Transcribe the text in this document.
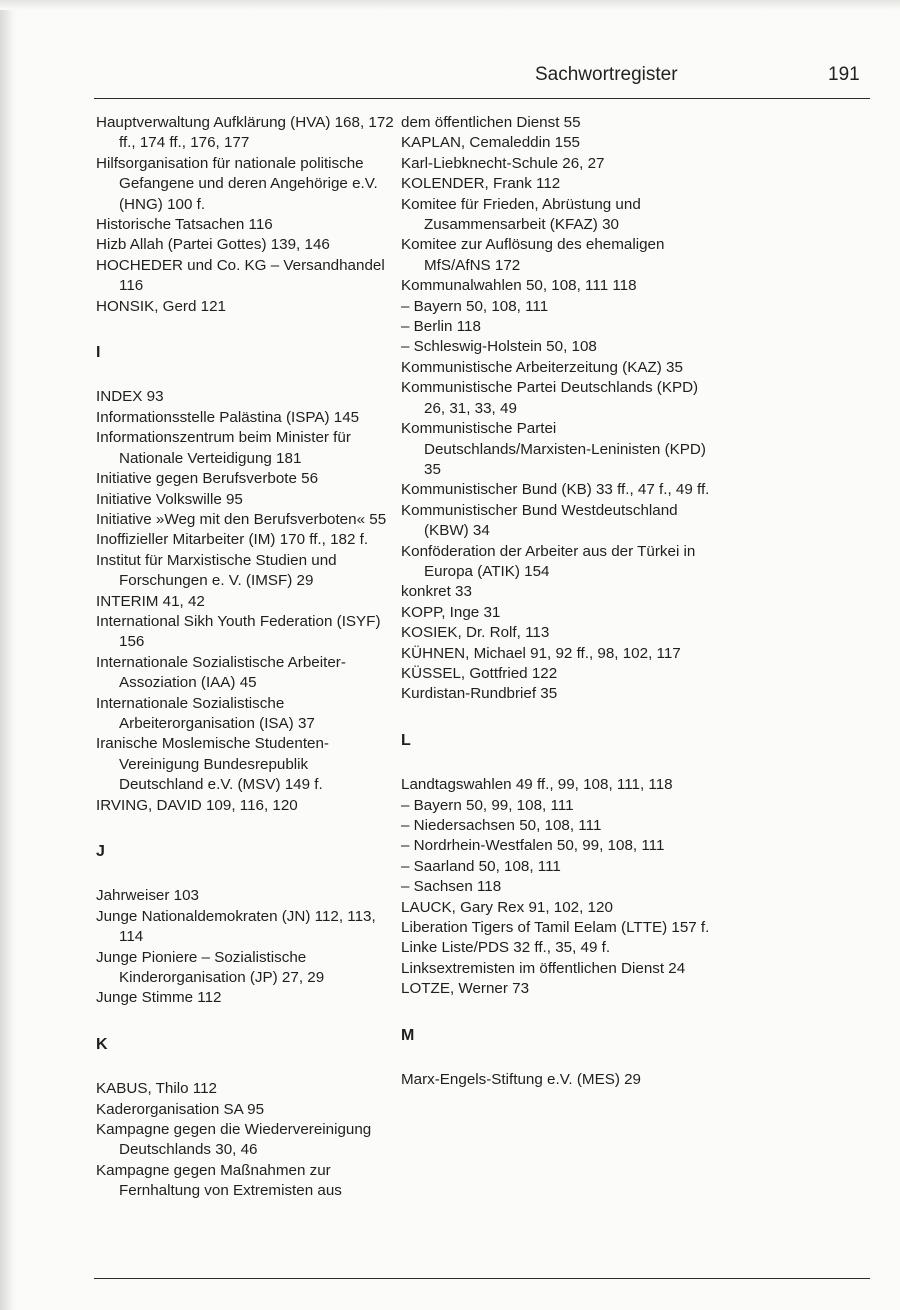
Sachwortregister	191
Hauptverwaltung Aufklärung (HVA) 168, 172 ff., 174 ff., 176, 177
Hilfsorganisation für nationale politische Gefangene und deren Angehörige e.V. (HNG) 100 f.
Historische Tatsachen 116
Hizb Allah (Partei Gottes) 139, 146
HOCHEDER und Co. KG – Versandhandel 116
HONSIK, Gerd 121
I
INDEX 93
Informationsstelle Palästina (ISPA) 145
Informationszentrum beim Minister für Nationale Verteidigung 181
Initiative gegen Berufsverbote 56
Initiative Volkswille 95
Initiative »Weg mit den Berufsverboten« 55
Inoffizieller Mitarbeiter (IM) 170 ff., 182 f.
Institut für Marxistische Studien und Forschungen e. V. (IMSF) 29
INTERIM 41, 42
International Sikh Youth Federation (ISYF) 156
Internationale Sozialistische Arbeiter-Assoziation (IAA) 45
Internationale Sozialistische Arbeiterorganisation (ISA) 37
Iranische Moslemische Studenten-Vereinigung Bundesrepublik Deutschland e.V. (MSV) 149 f.
IRVING, DAVID 109, 116, 120
J
Jahrweiser 103
Junge Nationaldemokraten (JN) 112, 113, 114
Junge Pioniere – Sozialistische Kinderorganisation (JP) 27, 29
Junge Stimme 112
K
KABUS, Thilo 112
Kaderorganisation SA 95
Kampagne gegen die Wiedervereinigung Deutschlands 30, 46
Kampagne gegen Maßnahmen zur Fernhaltung von Extremisten aus
dem öffentlichen Dienst 55
KAPLAN, Cemaleddin 155
Karl-Liebknecht-Schule 26, 27
KOLENDER, Frank 112
Komitee für Frieden, Abrüstung und Zusammensarbeit (KFAZ) 30
Komitee zur Auflösung des ehemaligen MfS/AfNS 172
Kommunalwahlen 50, 108, 111 118
– Bayern 50, 108, 111
– Berlin 118
– Schleswig-Holstein 50, 108
Kommunistische Arbeiterzeitung (KAZ) 35
Kommunistische Partei Deutschlands (KPD) 26, 31, 33, 49
Kommunistische Partei Deutschlands/Marxisten-Leninisten (KPD) 35
Kommunistischer Bund (KB) 33 ff., 47 f., 49 ff.
Kommunistischer Bund Westdeutschland (KBW) 34
Konföderation der Arbeiter aus der Türkei in Europa (ATIK) 154
konkret 33
KOPP, Inge 31
KOSIEK, Dr. Rolf, 113
KÜHNEN, Michael 91, 92 ff., 98, 102, 117
KÜSSEL, Gottfried 122
Kurdistan-Rundbrief 35
L
Landtagswahlen 49 ff., 99, 108, 111, 118
– Bayern 50, 99, 108, 111
– Niedersachsen 50, 108, 111
– Nordrhein-Westfalen 50, 99, 108, 111
– Saarland 50, 108, 111
– Sachsen 118
LAUCK, Gary Rex 91, 102, 120
Liberation Tigers of Tamil Eelam (LTTE) 157 f.
Linke Liste/PDS 32 ff., 35, 49 f.
Linksextremisten im öffentlichen Dienst 24
LOTZE, Werner 73
M
Marx-Engels-Stiftung e.V. (MES) 29
